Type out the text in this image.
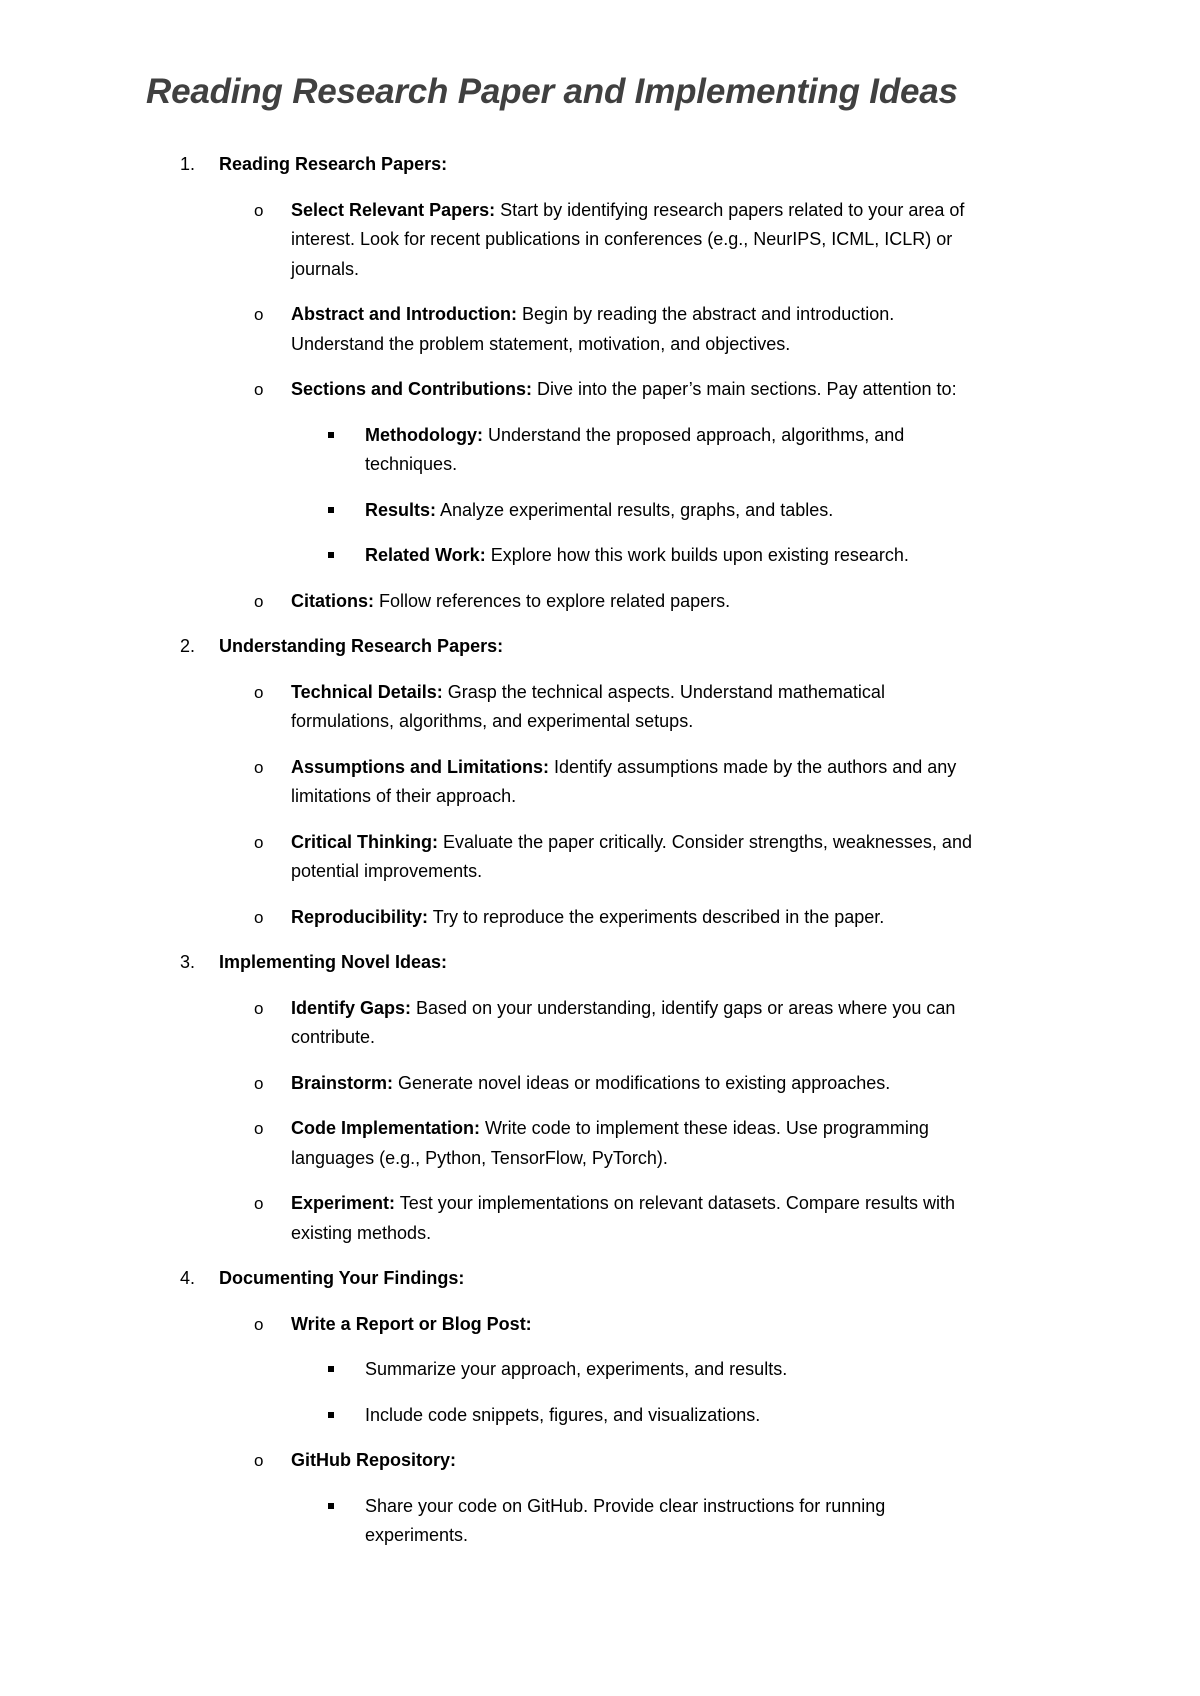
Reading Research Paper and Implementing Ideas
1.	Reading Research Papers:
o Select Relevant Papers: Start by identifying research papers related to your area of
interest. Look for recent publications in conferences (e.g., NeurIPS, ICML, ICLR) or
journals.
o Abstract and Introduction: Begin by reading the abstract and introduction.
Understand the problem statement, motivation, and objectives.
o Sections and Contributions: Dive into the paper’s main sections. Pay attention to:
Methodology: Understand the proposed approach, algorithms, and
techniques.
Results: Analyze experimental results, graphs, and tables.
Related Work: Explore how this work builds upon existing research.
o Citations: Follow references to explore related papers.
2.	Understanding Research Papers:
o Technical Details: Grasp the technical aspects. Understand mathematical
formulations, algorithms, and experimental setups.
o Assumptions and Limitations: Identify assumptions made by the authors and any
limitations of their approach.
o Critical Thinking: Evaluate the paper critically. Consider strengths, weaknesses, and
potential improvements.
o Reproducibility: Try to reproduce the experiments described in the paper.
3.	Implementing Novel Ideas:
o Identify Gaps: Based on your understanding, identify gaps or areas where you can
contribute.
o Brainstorm: Generate novel ideas or modifications to existing approaches.
o Code Implementation: Write code to implement these ideas. Use programming
languages (e.g., Python, TensorFlow, PyTorch).
o Experiment: Test your implementations on relevant datasets. Compare results with
existing methods.
4.	Documenting Your Findings:
o Write a Report or Blog Post:
Summarize your approach, experiments, and results.
Include code snippets, figures, and visualizations.
o GitHub Repository:
Share your code on GitHub. Provide clear instructions for running
experiments.
